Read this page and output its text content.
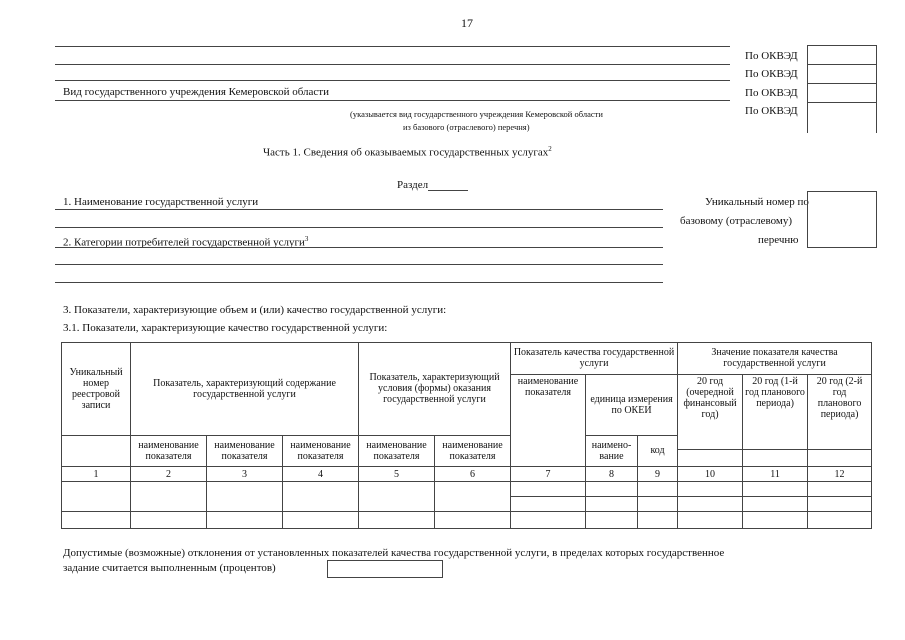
17
Вид государственного учреждения Кемеровской области
(указывается вид государственного учреждения Кемеровской области
из базового (отраслевого) перечня)
По ОКВЭД
По ОКВЭД
По ОКВЭД
По ОКВЭД
Часть 1. Сведения об оказываемых государственных услугах$^2$
Раздел
1. Наименование государственной услуги
2. Категории потребителей государственной услуги$^3$
Уникальный номер по
базовому (отраслевому)
перечню
3. Показатели, характеризующие объем и (или) качество государственной услуги:
3.1. Показатели, характеризующие качество государственной услуги:
Уникальный номер реестровой записи	Показатель, характеризующий содержание государственной услуги			Показатель, характеризующий условия (формы) оказания государственной услуги		Показатель качества государственной услуги			Значение показателя качества государственной услуги		
						наименование показателя	единица измерения по ОКЕИ		20 год (очередной финансовый год)	20 год (1-й год планового периода)	20 год (2-й год планового периода)

	наименование показателя	наименование показателя	наименование показателя	наименование показателя	наименование показателя		наимено-вание	код			

1	2	3	4	5	6	7	8	9	10	11	12

Допустимые (возможные) отклонения от установленных показателей качества государственной услуги, в пределах которых государственное
задание считается выполненным (процентов)
